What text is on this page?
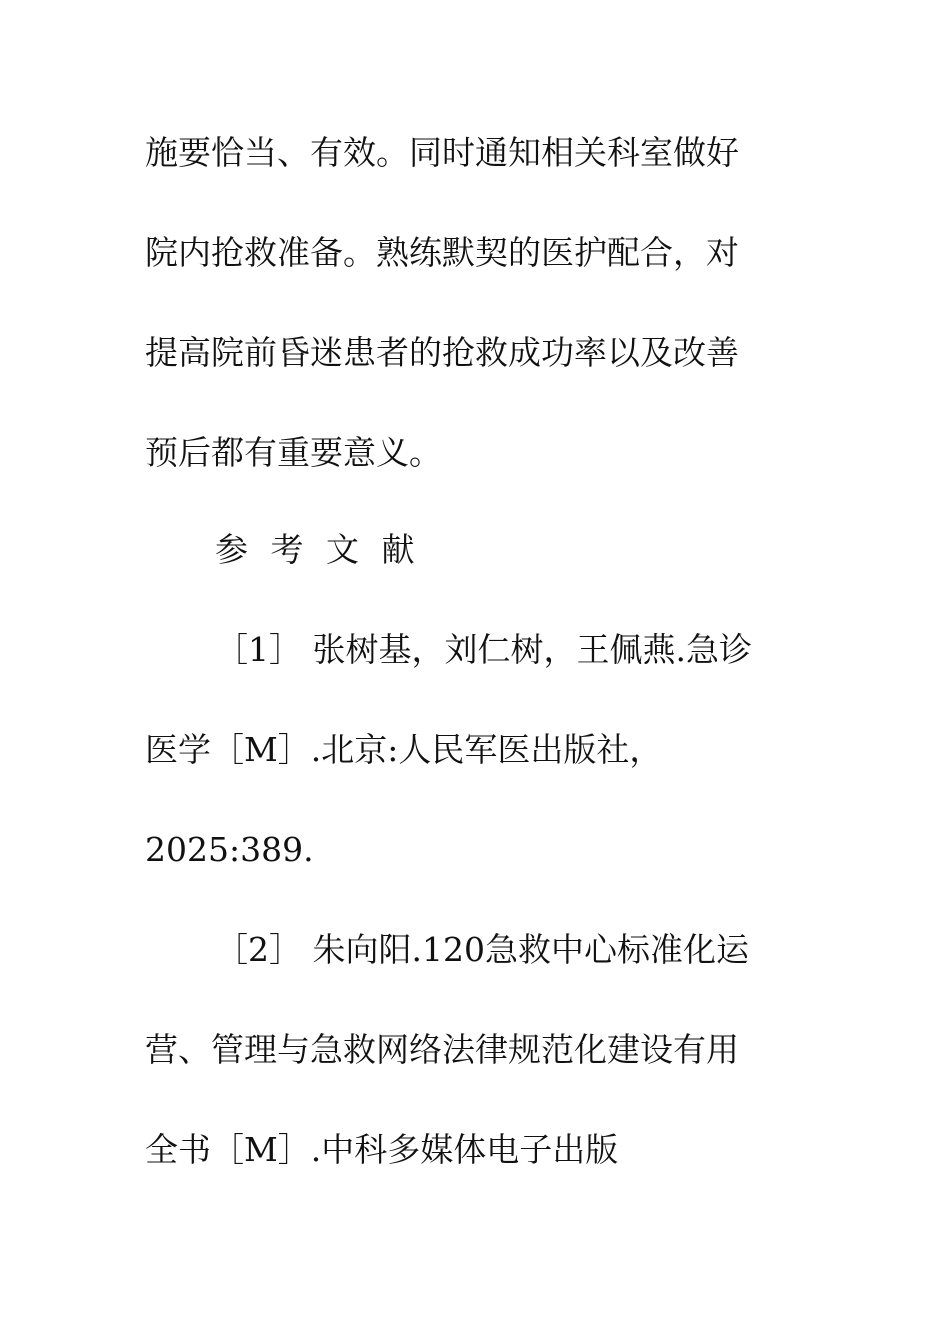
施要恰当、有效。同时通知相关科室做好
院内抢救准备。熟练默契的医护配合，对
提高院前昏迷患者的抢救成功率以及改善
预后都有重要意义。
参 考 文 献
［1］ 张树基，刘仁树，王佩燕.急诊
医学［M］.北京:人民军医出版社，
2025:389.
［2］ 朱向阳.120急救中心标准化运
营、管理与急救网络法律规范化建设有用
全书［M］.中科多媒体电子出版
